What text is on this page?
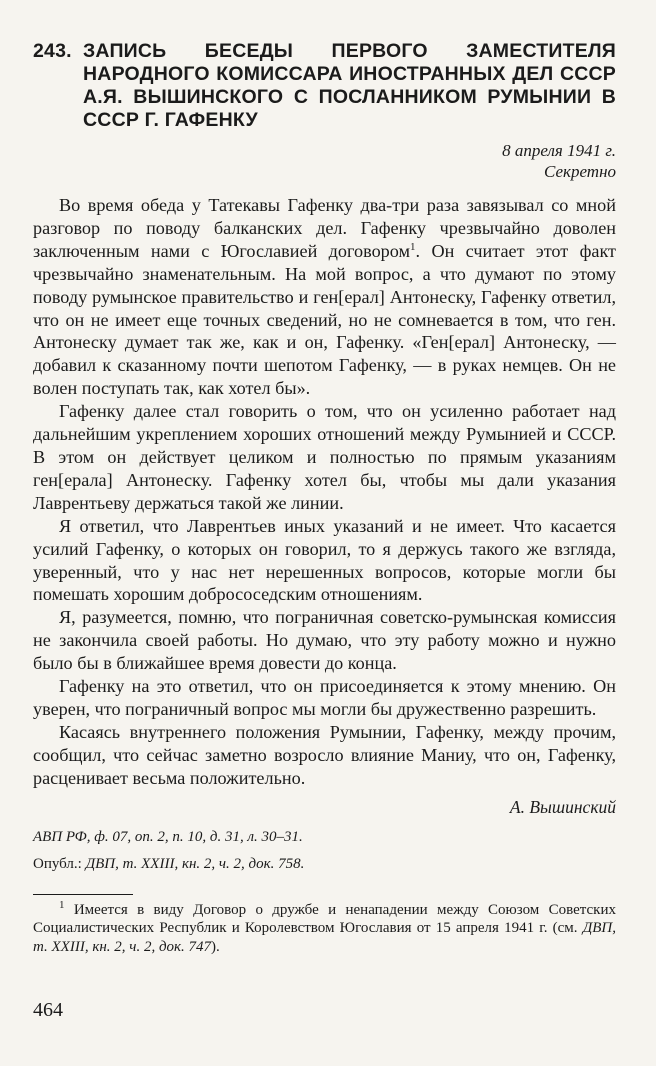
243. ЗАПИСЬ БЕСЕДЫ ПЕРВОГО ЗАМЕСТИТЕЛЯ НАРОДНОГО КОМИССАРА ИНОСТРАННЫХ ДЕЛ СССР А.Я. ВЫШИНСКОГО С ПОСЛАННИКОМ РУМЫНИИ В СССР Г. ГАФЕНКУ

8 апреля 1941 г.

Секретно

Во время обеда у Татекавы Гафенку два-три раза завязывал со мной разговор по поводу балканских дел. Гафенку чрезвычайно доволен заключенным нами с Югославией договором$^1$. Он считает этот факт чрезвычайно знаменательным. На мой вопрос, а что думают по этому поводу румынское правительство и ген[ерал] Антонеску, Гафенку ответил, что он не имеет еще точных сведений, но не сомневается в том, что ген. Антонеску думает так же, как и он, Гафенку. «Ген[ерал] Антонеску, — добавил к сказанному почти шепотом Гафенку, — в руках немцев. Он не волен поступать так, как хотел бы».

Гафенку далее стал говорить о том, что он усиленно работает над дальнейшим укреплением хороших отношений между Румынией и СССР. В этом он действует целиком и полностью по прямым указаниям ген[ерала] Антонеску. Гафенку хотел бы, чтобы мы дали указания Лаврентьеву держаться такой же линии.

Я ответил, что Лаврентьев иных указаний и не имеет. Что касается усилий Гафенку, о которых он говорил, то я держусь такого же взгляда, уверенный, что у нас нет нерешенных вопросов, которые могли бы помешать хорошим добрососедским отношениям.

Я, разумеется, помню, что пограничная советско-румынская комиссия не закончила своей работы. Но думаю, что эту работу можно и нужно было бы в ближайшее время довести до конца.

Гафенку на это ответил, что он присоединяется к этому мнению. Он уверен, что пограничный вопрос мы могли бы дружественно разрешить.

Касаясь внутреннего положения Румынии, Гафенку, между прочим, сообщил, что сейчас заметно возросло влияние Маниу, что он, Гафенку, расценивает весьма положительно.

А. Вышинский

АВП РФ, ф. 07, оп. 2, п. 10, д. 31, л. 30–31.

Опубл.: ДВП, т. XXIII, кн. 2, ч. 2, док. 758.

$^1$ Имеется в виду Договор о дружбе и ненападении между Союзом Советских Социалистических Республик и Королевством Югославия от 15 апреля 1941 г. (см. ДВП, т. XXIII, кн. 2, ч. 2, док. 747).

464
